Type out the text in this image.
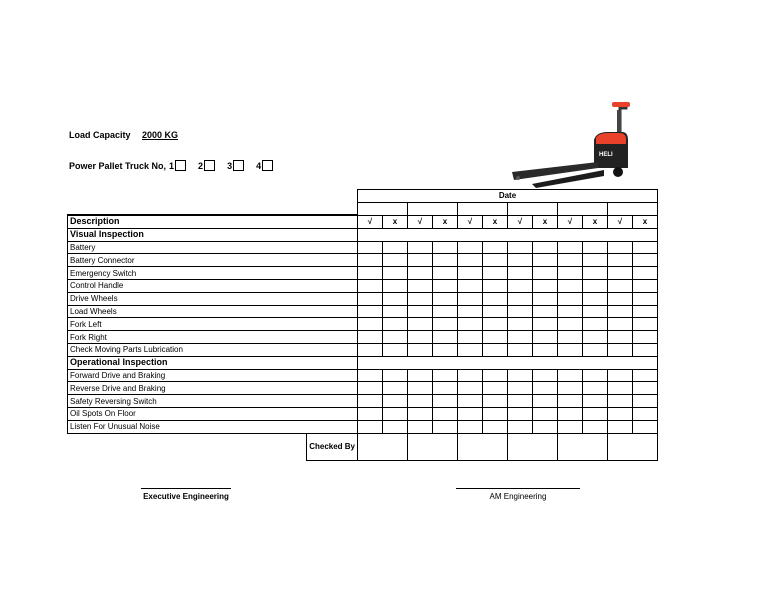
Load Capacity 2000 KG
Power Pallet Truck No, 1	2	3	4
HELI
		Date											

Description		√	x	√	x	√	x	√	x	√	x	√	x
Visual Inspection													
Battery													
Battery Connector													
Emergency Switch													
Control Handle													
Drive Wheels													
Load Wheels													
Fork Left													
Fork Right													
Check Moving Parts Lubrication													
Operational Inspection													
Forward Drive and Braking													
Reverse Drive and Braking													
Safety Reversing Switch													
Oil Spots On Floor													
Listen For Unusual Noise													
	Checked By												
Executive Engineering	AM Engineering
